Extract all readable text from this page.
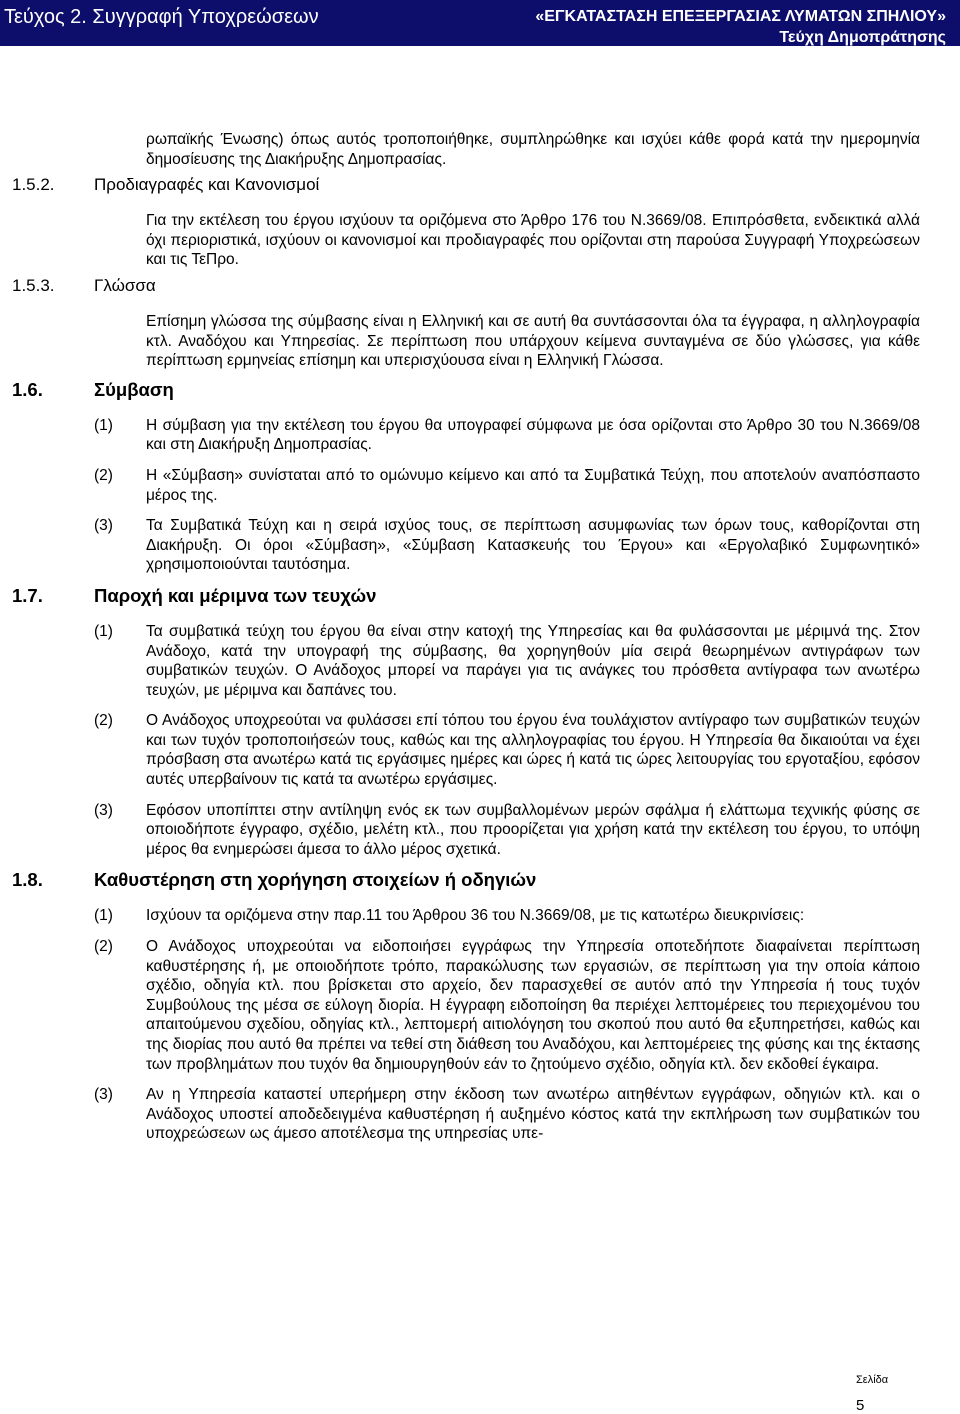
Τεύχος 2. Συγγραφή Υποχρεώσεων	«ΕΓΚΑΤΑΣΤΑΣΗ ΕΠΕΞΕΡΓΑΣΙΑΣ ΛΥΜΑΤΩΝ ΣΠΗΛΙΟΥ»
Τεύχη Δημοπράτησης
ρωπαϊκής Ένωσης) όπως αυτός τροποποιήθηκε, συμπληρώθηκε και ισχύει κάθε φορά κατά την ημερομηνία δημοσίευσης της Διακήρυξης Δημοπρασίας.
1.5.2. Προδιαγραφές και Κανονισμοί
Για την εκτέλεση του έργου ισχύουν τα οριζόμενα στο Άρθρο 176 του Ν.3669/08. Επιπρόσθετα, ενδεικτικά αλλά όχι περιοριστικά, ισχύουν οι κανονισμοί και προδιαγραφές που ορίζονται στη παρούσα Συγγραφή Υποχρεώσεων και τις ΤεΠρο.
1.5.3. Γλώσσα
Επίσημη γλώσσα της σύμβασης είναι η Ελληνική και σε αυτή θα συντάσσονται όλα τα έγγραφα, η αλληλογραφία κτλ. Αναδόχου και Υπηρεσίας. Σε περίπτωση που υπάρχουν κείμενα συνταγμένα σε δύο γλώσσες, για κάθε περίπτωση ερμηνείας επίσημη και υπερισχύουσα είναι η Ελληνική Γλώσσα.
1.6.	Σύμβαση
(1) Η σύμβαση για την εκτέλεση του έργου θα υπογραφεί σύμφωνα με όσα ορίζονται στο Άρθρο 30 του Ν.3669/08 και στη Διακήρυξη Δημοπρασίας.
(2) Η «Σύμβαση» συνίσταται από το ομώνυμο κείμενο και από τα Συμβατικά Τεύχη, που αποτελούν αναπόσπαστο μέρος της.
(3) Τα Συμβατικά Τεύχη και η σειρά ισχύος τους, σε περίπτωση ασυμφωνίας των όρων τους, καθορίζονται στη Διακήρυξη. Οι όροι «Σύμβαση», «Σύμβαση Κατασκευής του Έργου» και «Εργολαβικό Συμφωνητικό» χρησιμοποιούνται ταυτόσημα.
1.7.	Παροχή και μέριμνα των τευχών
(1) Τα συμβατικά τεύχη του έργου θα είναι στην κατοχή της Υπηρεσίας και θα φυλάσσονται με μέριμνά της. Στον Ανάδοχο, κατά την υπογραφή της σύμβασης, θα χορηγηθούν μία σειρά θεωρημένων αντιγράφων των συμβατικών τευχών. Ο Ανάδοχος μπορεί να παράγει για τις ανάγκες του πρόσθετα αντίγραφα των ανωτέρω τευχών, με μέριμνα και δαπάνες του.
(2) Ο Ανάδοχος υποχρεούται να φυλάσσει επί τόπου του έργου ένα τουλάχιστον αντίγραφο των συμβατικών τευχών και των τυχόν τροποποιήσεών τους, καθώς και της αλληλογραφίας του έργου. Η Υπηρεσία θα δικαιούται να έχει πρόσβαση στα ανωτέρω κατά τις εργάσιμες ημέρες και ώρες ή κατά τις ώρες λειτουργίας του εργοταξίου, εφόσον αυτές υπερβαίνουν τις κατά τα ανωτέρω εργάσιμες.
(3) Εφόσον υποπίπτει στην αντίληψη ενός εκ των συμβαλλομένων μερών σφάλμα ή ελάττωμα τεχνικής φύσης σε οποιοδήποτε έγγραφο, σχέδιο, μελέτη κτλ., που προορίζεται για χρήση κατά την εκτέλεση του έργου, το υπόψη μέρος θα ενημερώσει άμεσα το άλλο μέρος σχετικά.
1.8.	Καθυστέρηση στη χορήγηση στοιχείων ή οδηγιών
(1) Ισχύουν τα οριζόμενα στην παρ.11 του Άρθρου 36 του Ν.3669/08, με τις κατωτέρω διευκρινίσεις:
(2) Ο Ανάδοχος υποχρεούται να ειδοποιήσει εγγράφως την Υπηρεσία οποτεδήποτε διαφαίνεται περίπτωση καθυστέρησης ή, με οποιοδήποτε τρόπο, παρακώλυσης των εργασιών, σε περίπτωση για την οποία κάποιο σχέδιο, οδηγία κτλ. που βρίσκεται στο αρχείο, δεν παρασχεθεί σε αυτόν από την Υπηρεσία ή τους τυχόν Συμβούλους της μέσα σε εύλογη διορία. Η έγγραφη ειδοποίηση θα περιέχει λεπτομέρειες του περιεχομένου του απαιτούμενου σχεδίου, οδηγίας κτλ., λεπτομερή αιτιολόγηση του σκοπού που αυτό θα εξυπηρετήσει, καθώς και της διορίας που αυτό θα πρέπει να τεθεί στη διάθεση του Αναδόχου, και λεπτομέρειες της φύσης και της έκτασης των προβλημάτων που τυχόν θα δημιουργηθούν εάν το ζητούμενο σχέδιο, οδηγία κτλ. δεν εκδοθεί έγκαιρα.
(3) Αν η Υπηρεσία καταστεί υπερήμερη στην έκδοση των ανωτέρω αιτηθέντων εγγράφων, οδηγιών κτλ. και ο Ανάδοχος υποστεί αποδεδειγμένα καθυστέρηση ή αυξημένο κόστος κατά την εκπλήρωση των συμβατικών του υποχρεώσεων ως άμεσο αποτέλεσμα της υπηρεσίας υπε-
Σελίδα
5
